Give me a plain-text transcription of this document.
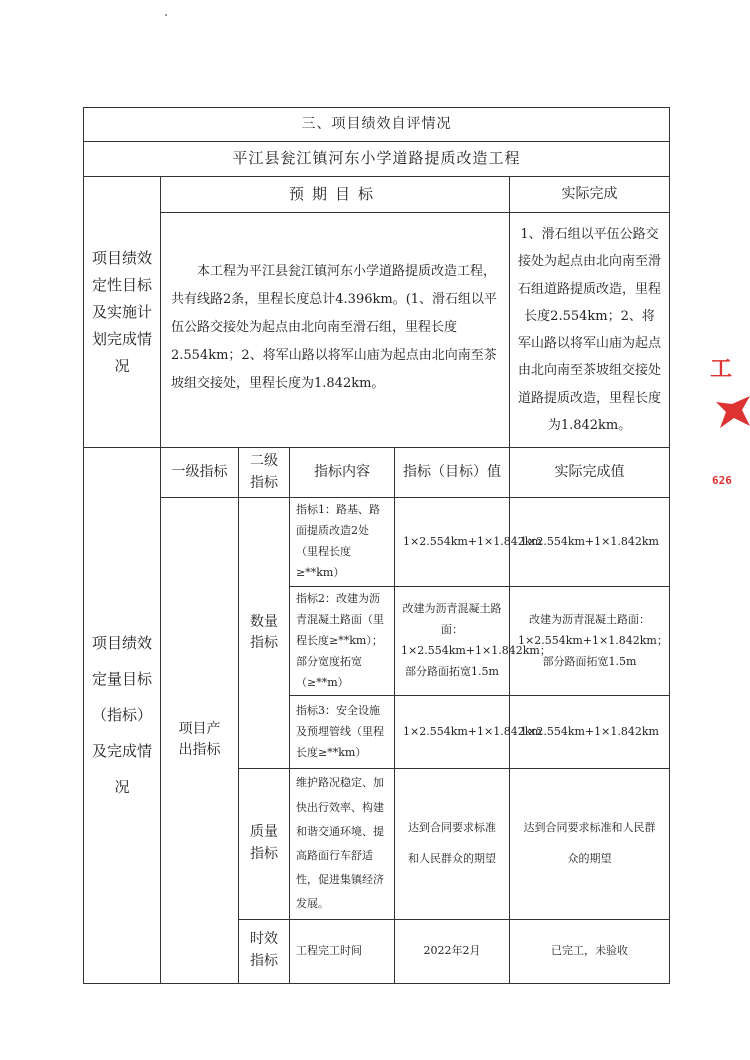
三、项目绩效自评情况					
平江县瓮江镇河东小学道路提质改造工程					
项目绩效定性目标及实施计划完成情况	预期目标				实际完成
	本工程为平江县瓮江镇河东小学道路提质改造工程，共有线路2条，里程长度总计4.396km。(1、滑石组以平伍公路交接处为起点由北向南至滑石组，里程长度2.554km；2、将军山路以将军山庙为起点由北向南至茶坡组交接处，里程长度为1.842km。				1、滑石组以平伍公路交接处为起点由北向南至滑石组道路提质改造，里程长度2.554km；2、将军山路以将军山庙为起点由北向南至茶坡组交接处道路提质改造，里程长度为1.842km。
项目绩效定量目标（指标）及完成情况	一级指标	二级指标	指标内容	指标（目标）值	实际完成值
	项目产出指标	数量指标	指标1：路基、路面提质改造2处（里程长度≥**km）	1×2.554km+1×1.842km	1×2.554km+1×1.842km
			指标2：改建为沥青混凝土路面（里程长度≥**km）；部分宽度拓宽（≥**m）	改建为沥青混凝土路面：1×2.554km+1×1.842km；部分路面拓宽1.5m	改建为沥青混凝土路面：1×2.554km+1×1.842km；部分路面拓宽1.5m
			指标3：安全设施及预埋管线（里程长度≥**km）	1×2.554km+1×1.842km	1×2.554km+1×1.842km
		质量指标	维护路况稳定、加快出行效率、构建和谐交通环境、提高路面行车舒适性，促进集镇经济发展。	达到合同要求标准和人民群众的期望	达到合同要求标准和人民群众的期望
		时效指标	工程完工时间	2022年2月	已完工，未验收
工
626
